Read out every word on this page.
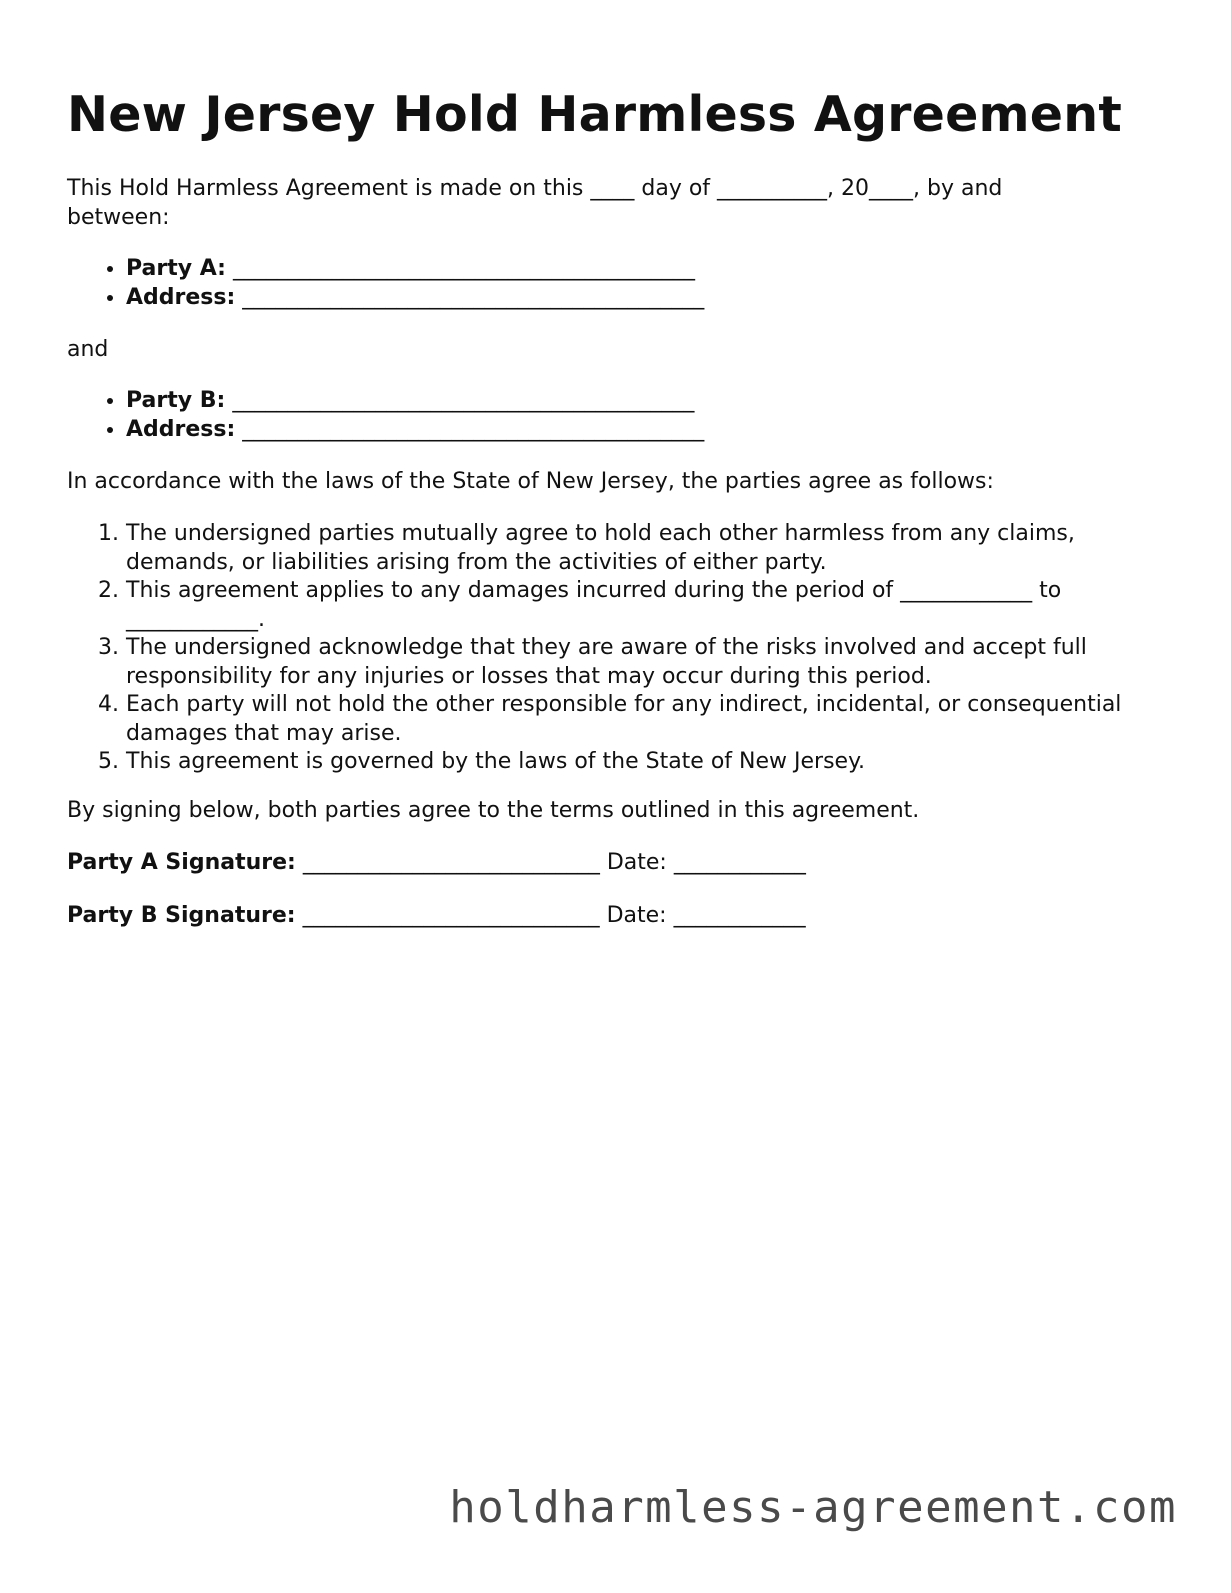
New Jersey Hold Harmless Agreement

This Hold Harmless Agreement is made on this ____ day of __________, 20____, by and between:

• Party A: __________________________________________
• Address: __________________________________________

and

• Party B: __________________________________________
• Address: __________________________________________

In accordance with the laws of the State of New Jersey, the parties agree as follows:

1. The undersigned parties mutually agree to hold each other harmless from any claims, demands, or liabilities arising from the activities of either party.
2. This agreement applies to any damages incurred during the period of ____________ to ____________.
3. The undersigned acknowledge that they are aware of the risks involved and accept full responsibility for any injuries or losses that may occur during this period.
4. Each party will not hold the other responsible for any indirect, incidental, or consequential damages that may arise.
5. This agreement is governed by the laws of the State of New Jersey.

By signing below, both parties agree to the terms outlined in this agreement.

Party A Signature: ___________________________ Date: ____________
Party B Signature: ___________________________ Date: ____________
holdharmless-agreement.com
